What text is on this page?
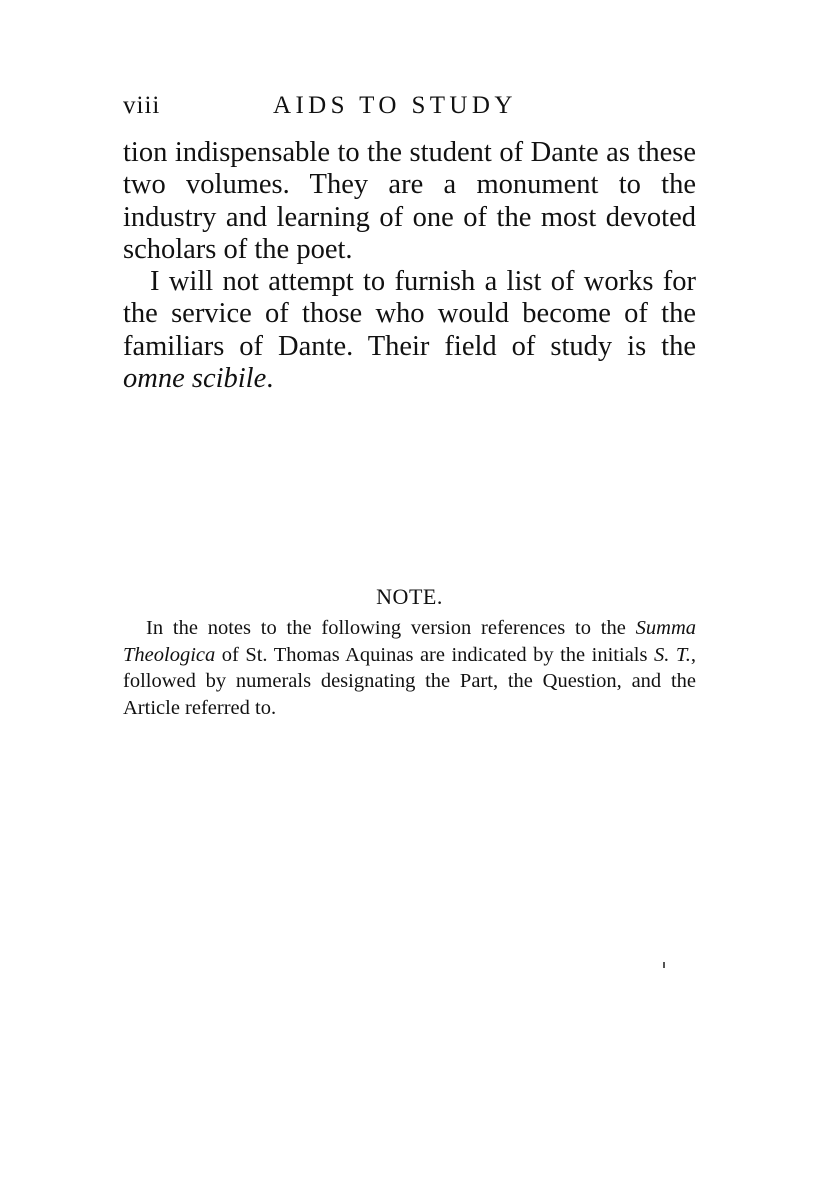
viii	AIDS TO STUDY

tion indispensable to the student of Dante as these two volumes. They are a monument to the industry and learning of one of the most devoted scholars of the poet.

I will not attempt to furnish a list of works for the service of those who would become of the familiars of Dante. Their field of study is the omne scibile.

NOTE.

In the notes to the following version references to the Summa Theologica of St. Thomas Aquinas are indicated by the initials S. T., followed by numerals designating the Part, the Question, and the Article referred to.
